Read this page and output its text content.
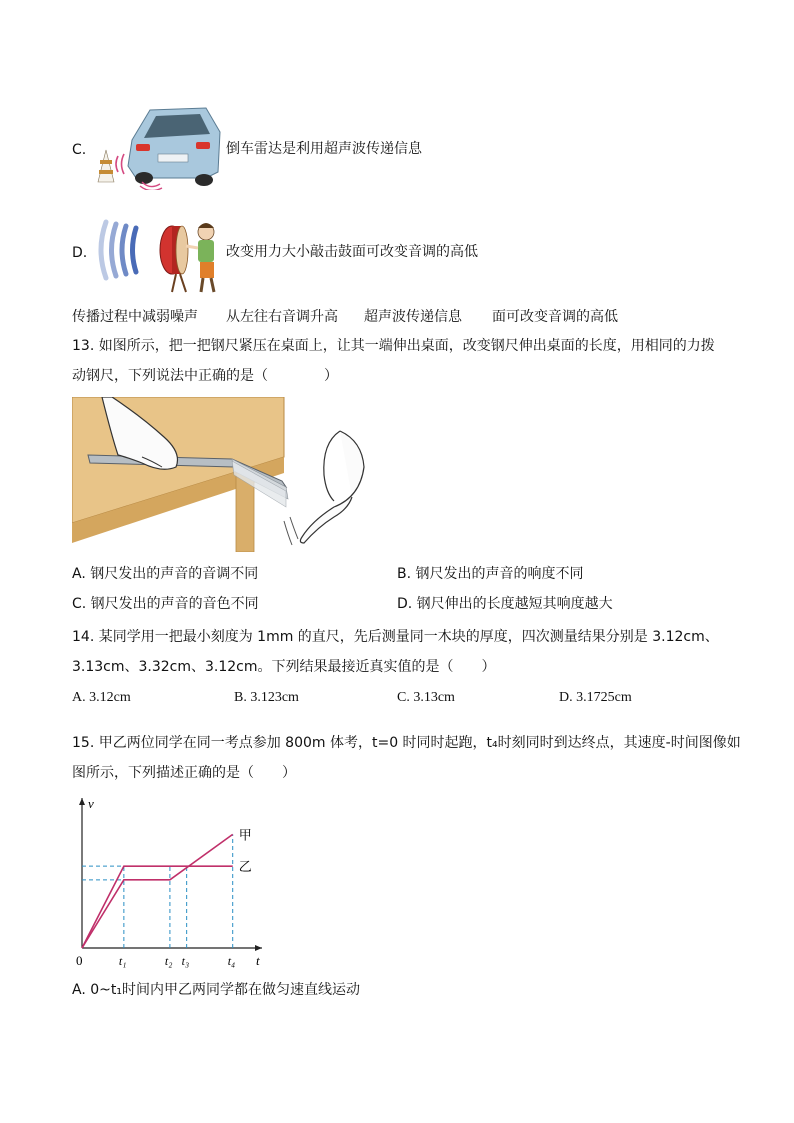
C.	倒车雷达是利用超声波传递信息
D.	改变用力大小敲击鼓面可改变音调的高低
传播过程中减弱噪声 从左往右音调升高 超声波传递信息 面可改变音调的高低
13. 如图所示，把一把钢尺紧压在桌面上，让其一端伸出桌面，改变钢尺伸出桌面的长度，用相同的力拨
动钢尺，下列说法中正确的是（　　　　）
A. 钢尺发出的声音的音调不同	B. 钢尺发出的声音的响度不同
C. 钢尺发出的声音的音色不同	D. 钢尺伸出的长度越短其响度越大
14. 某同学用一把最小刻度为 1mm 的直尺，先后测量同一木块的厚度，四次测量结果分别是 3.12cm、
3.13cm、3.32cm、3.12cm。下列结果最接近真实值的是（　　）
A. 3.12cm	B. 3.123cm	C. 3.13cm	D. 3.1725cm
15. 甲乙两位同学在同一考点参加 800m 体考，t=0 时同时起跑，t₄时刻同时到达终点，其速度-时间图像如
图所示，下列描述正确的是（　　）
t
v
0	t₁	t₂ t₃	t₄
甲
乙
A. 0~t₁时间内甲乙两同学都在做匀速直线运动
